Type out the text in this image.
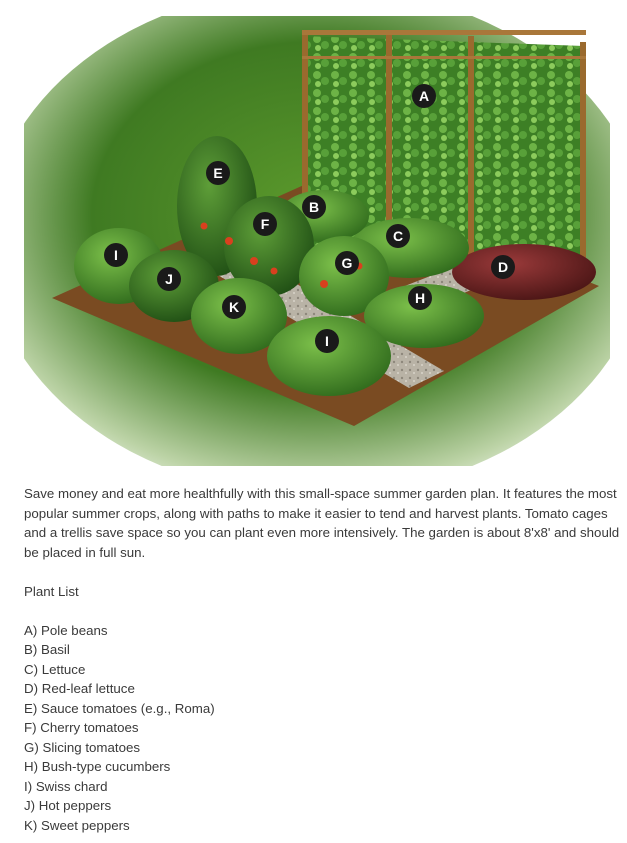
A
B
C
D
E
F
G
H
I
J
K
I

Save money and eat more healthfully with this small-space summer garden plan. It features the most popular summer crops, along with paths to make it easier to tend and harvest plants. Tomato cages and a trellis save space so you can plant even more intensively. The garden is about 8'x8' and should be placed in full sun.

Plant List

A) Pole beans
B) Basil
C) Lettuce
D) Red-leaf lettuce
E) Sauce tomatoes (e.g., Roma)
F) Cherry tomatoes
G) Slicing tomatoes
H) Bush-type cucumbers
I) Swiss chard
J) Hot peppers
K) Sweet peppers
